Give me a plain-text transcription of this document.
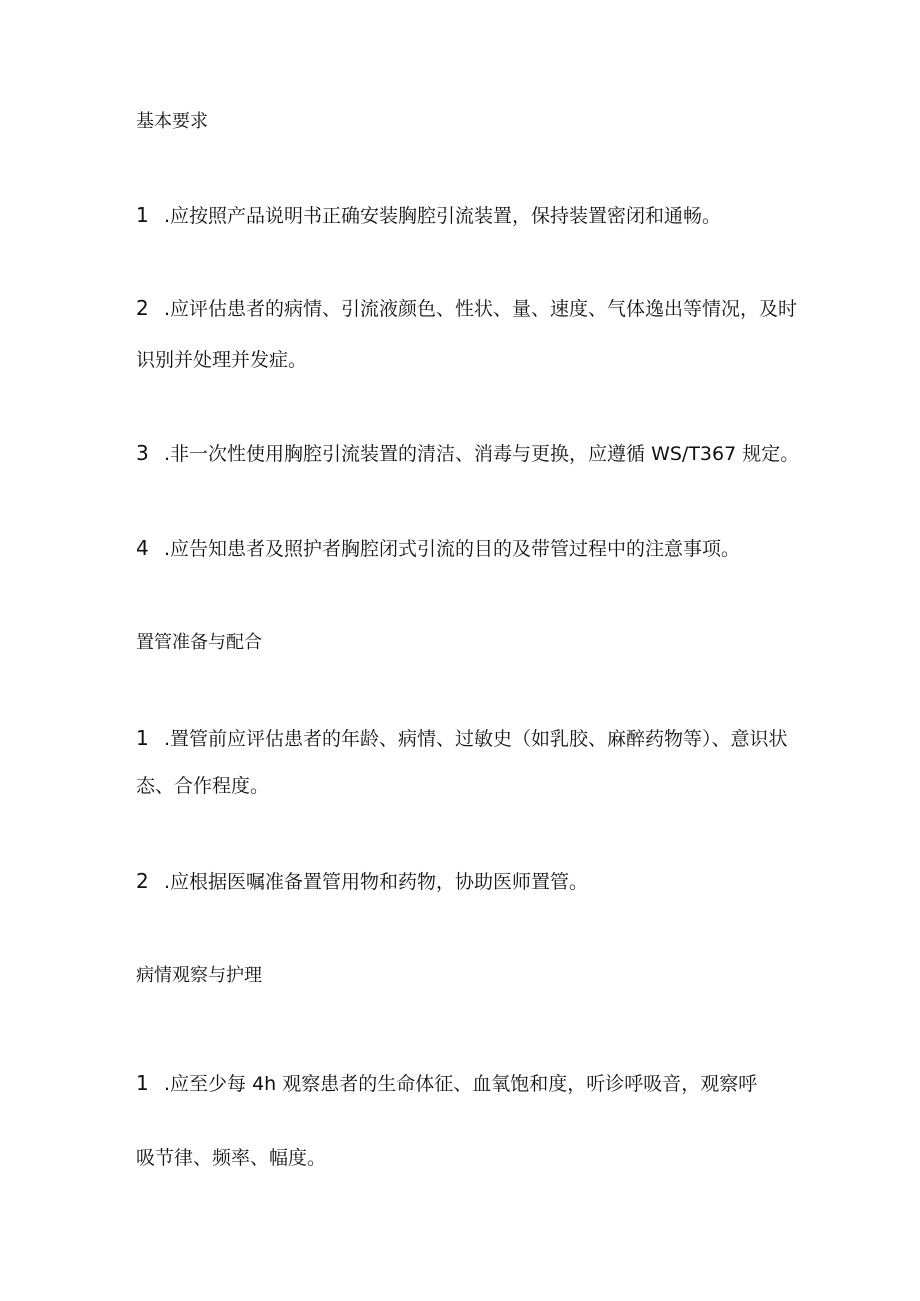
基本要求
1 .应按照产品说明书正确安装胸腔引流装置，保持装置密闭和通畅。
2 .应评估患者的病情、引流液颜色、性状、量、速度、气体逸出等情况，及时
识别并处理并发症。
3 .非一次性使用胸腔引流装置的清洁、消毒与更换，应遵循 WS/T367 规定。
4 .应告知患者及照护者胸腔闭式引流的目的及带管过程中的注意事项。
置管准备与配合
1 .置管前应评估患者的年龄、病情、过敏史（如乳胶、麻醉药物等）、意识状
态、合作程度。
2 .应根据医嘱准备置管用物和药物，协助医师置管。
病情观察与护理
1 .应至少每 4h 观察患者的生命体征、血氧饱和度，听诊呼吸音，观察呼
吸节律、频率、幅度。
